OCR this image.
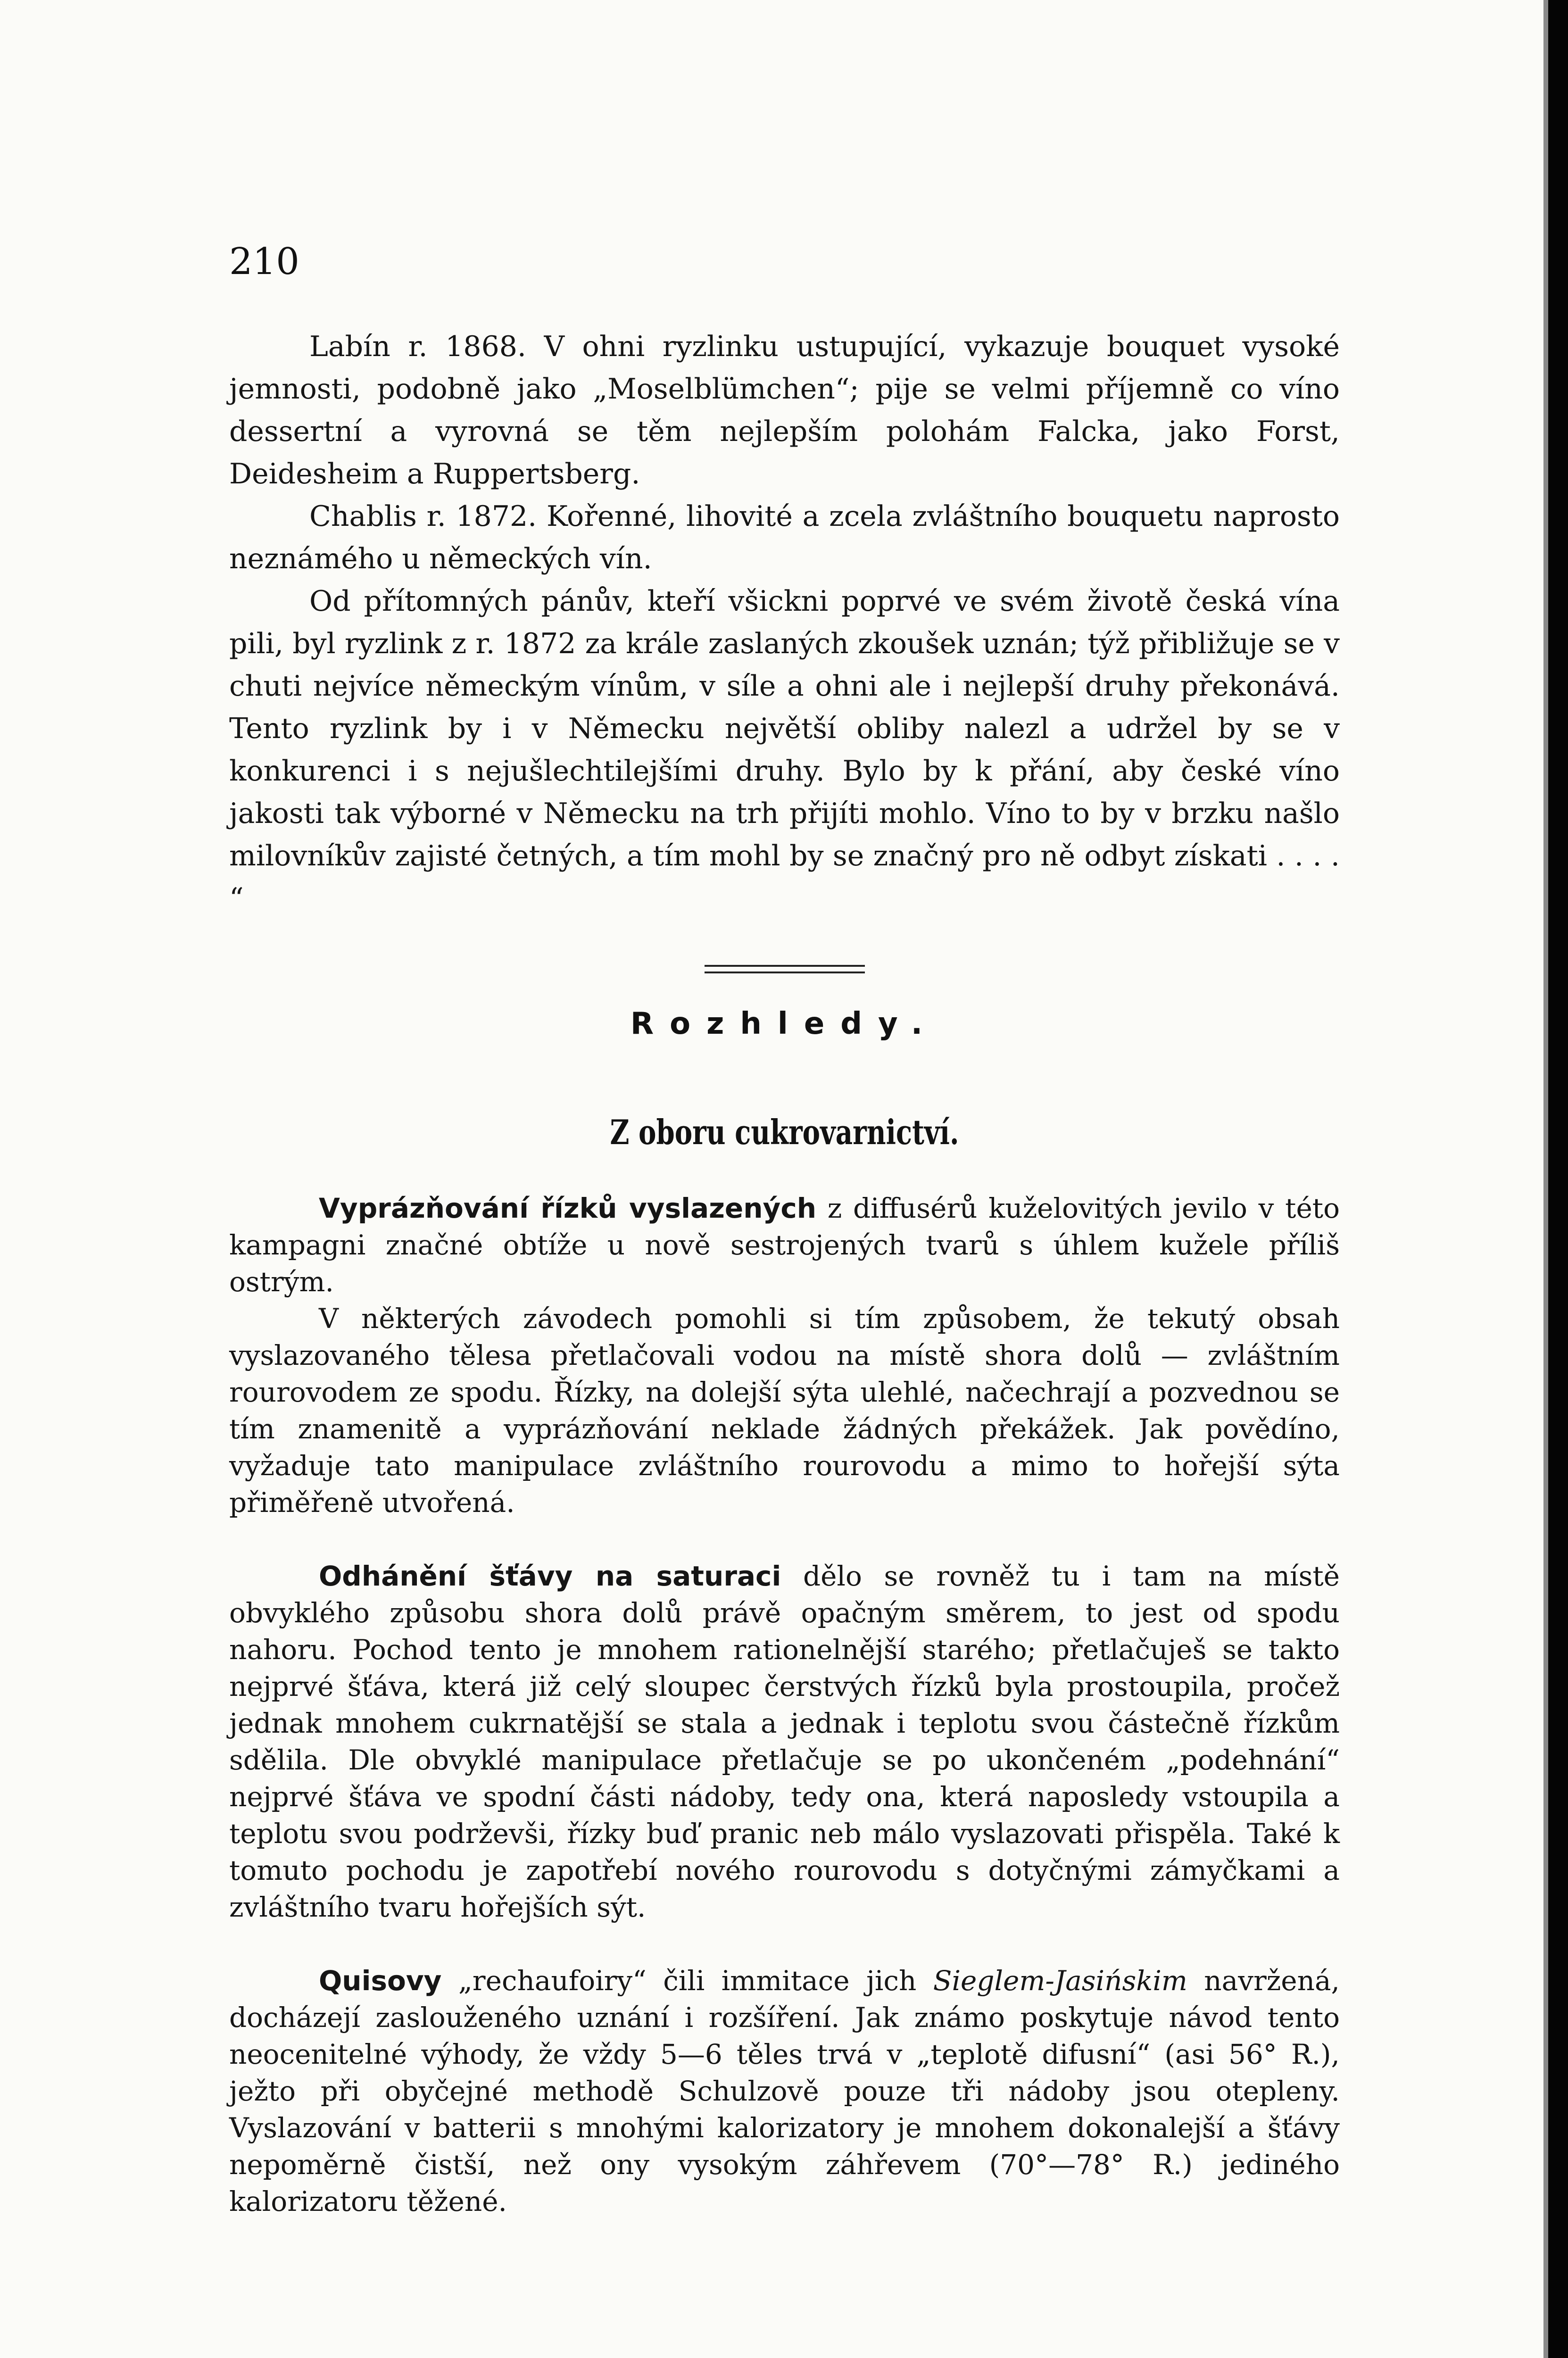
210

Labín r. 1868. V ohni ryzlinku ustupující, vykazuje bouquet vysoké jemnosti, podobně jako „Moselblümchen“; pije se velmi příjemně co víno dessertní a vyrovná se těm nejlepším polohám Falcka, jako Forst, Deidesheim a Ruppertsberg.

Chablis r. 1872. Kořenné, lihovité a zcela zvláštního bouquetu naprosto neznámého u německých vín.

Od přítomných pánův, kteří všickni poprvé ve svém životě česká vína pili, byl ryzlink z r. 1872 za krále zaslaných zkoušek uznán; týž přibližuje se v chuti nejvíce německým vínům, v síle a ohni ale i nejlepší druhy překonává. Tento ryzlink by i v Německu největší obliby nalezl a udržel by se v konkurenci i s nejušlechtilejšími druhy. Bylo by k přání, aby české víno jakosti tak výborné v Německu na trh přijíti mohlo. Víno to by v brzku našlo milovníkův zajisté četných, a tím mohl by se značný pro ně odbyt získati . . . . “

Rozhledy.
Z oboru cukrovarnictví.

Vyprázňování řízků vyslazených z diffusérů kuželovitých jevilo v této kampagni značné obtíže u nově sestrojených tvarů s úhlem kužele příliš ostrým.

V některých závodech pomohli si tím způsobem, že tekutý obsah vyslazovaného tělesa přetlačovali vodou na místě shora dolů — zvláštním rourovodem ze spodu. Řízky, na dolejší sýta ulehlé, načechrají a pozvednou se tím znamenitě a vyprázňování neklade žádných překážek. Jak povědíno, vyžaduje tato manipulace zvláštního rourovodu a mimo to hořejší sýta přiměřeně utvořená.

Odhánění šťávy na saturaci dělo se rovněž tu i tam na místě obvyklého způsobu shora dolů právě opačným směrem, to jest od spodu nahoru. Pochod tento je mnohem rationelnější starého; přetlačuješ se takto nejprvé šťáva, která již celý sloupec čerstvých řízků byla prostoupila, pročež jednak mnohem cukrnatější se stala a jednak i teplotu svou částečně řízkům sdělila. Dle obvyklé manipulace přetlačuje se po ukončeném „podehnání“ nejprvé šťáva ve spodní části nádoby, tedy ona, která naposledy vstoupila a teplotu svou podrževši, řízky buď pranic neb málo vyslazovati přispěla. Také k tomuto pochodu je zapotřebí nového rourovodu s dotyčnými zámyčkami a zvláštního tvaru hořejších sýt.

Quisovy „rechaufoiry“ čili immitace jich Sieglem-Jasińskim navržená, docházejí zaslouženého uznání i rozšíření. Jak známo poskytuje návod tento neocenitelné výhody, že vždy 5—6 těles trvá v „teplotě difusní“ (asi 56° R.), ježto při obyčejné methodě Schulzově pouze tři nádoby jsou otepleny. Vyslazování v batterii s mnohými kalorizatory je mnohem dokonalejší a šťávy nepoměrně čistší, než ony vysokým záhřevem (70°—78° R.) jediného kalorizatoru těžené.
